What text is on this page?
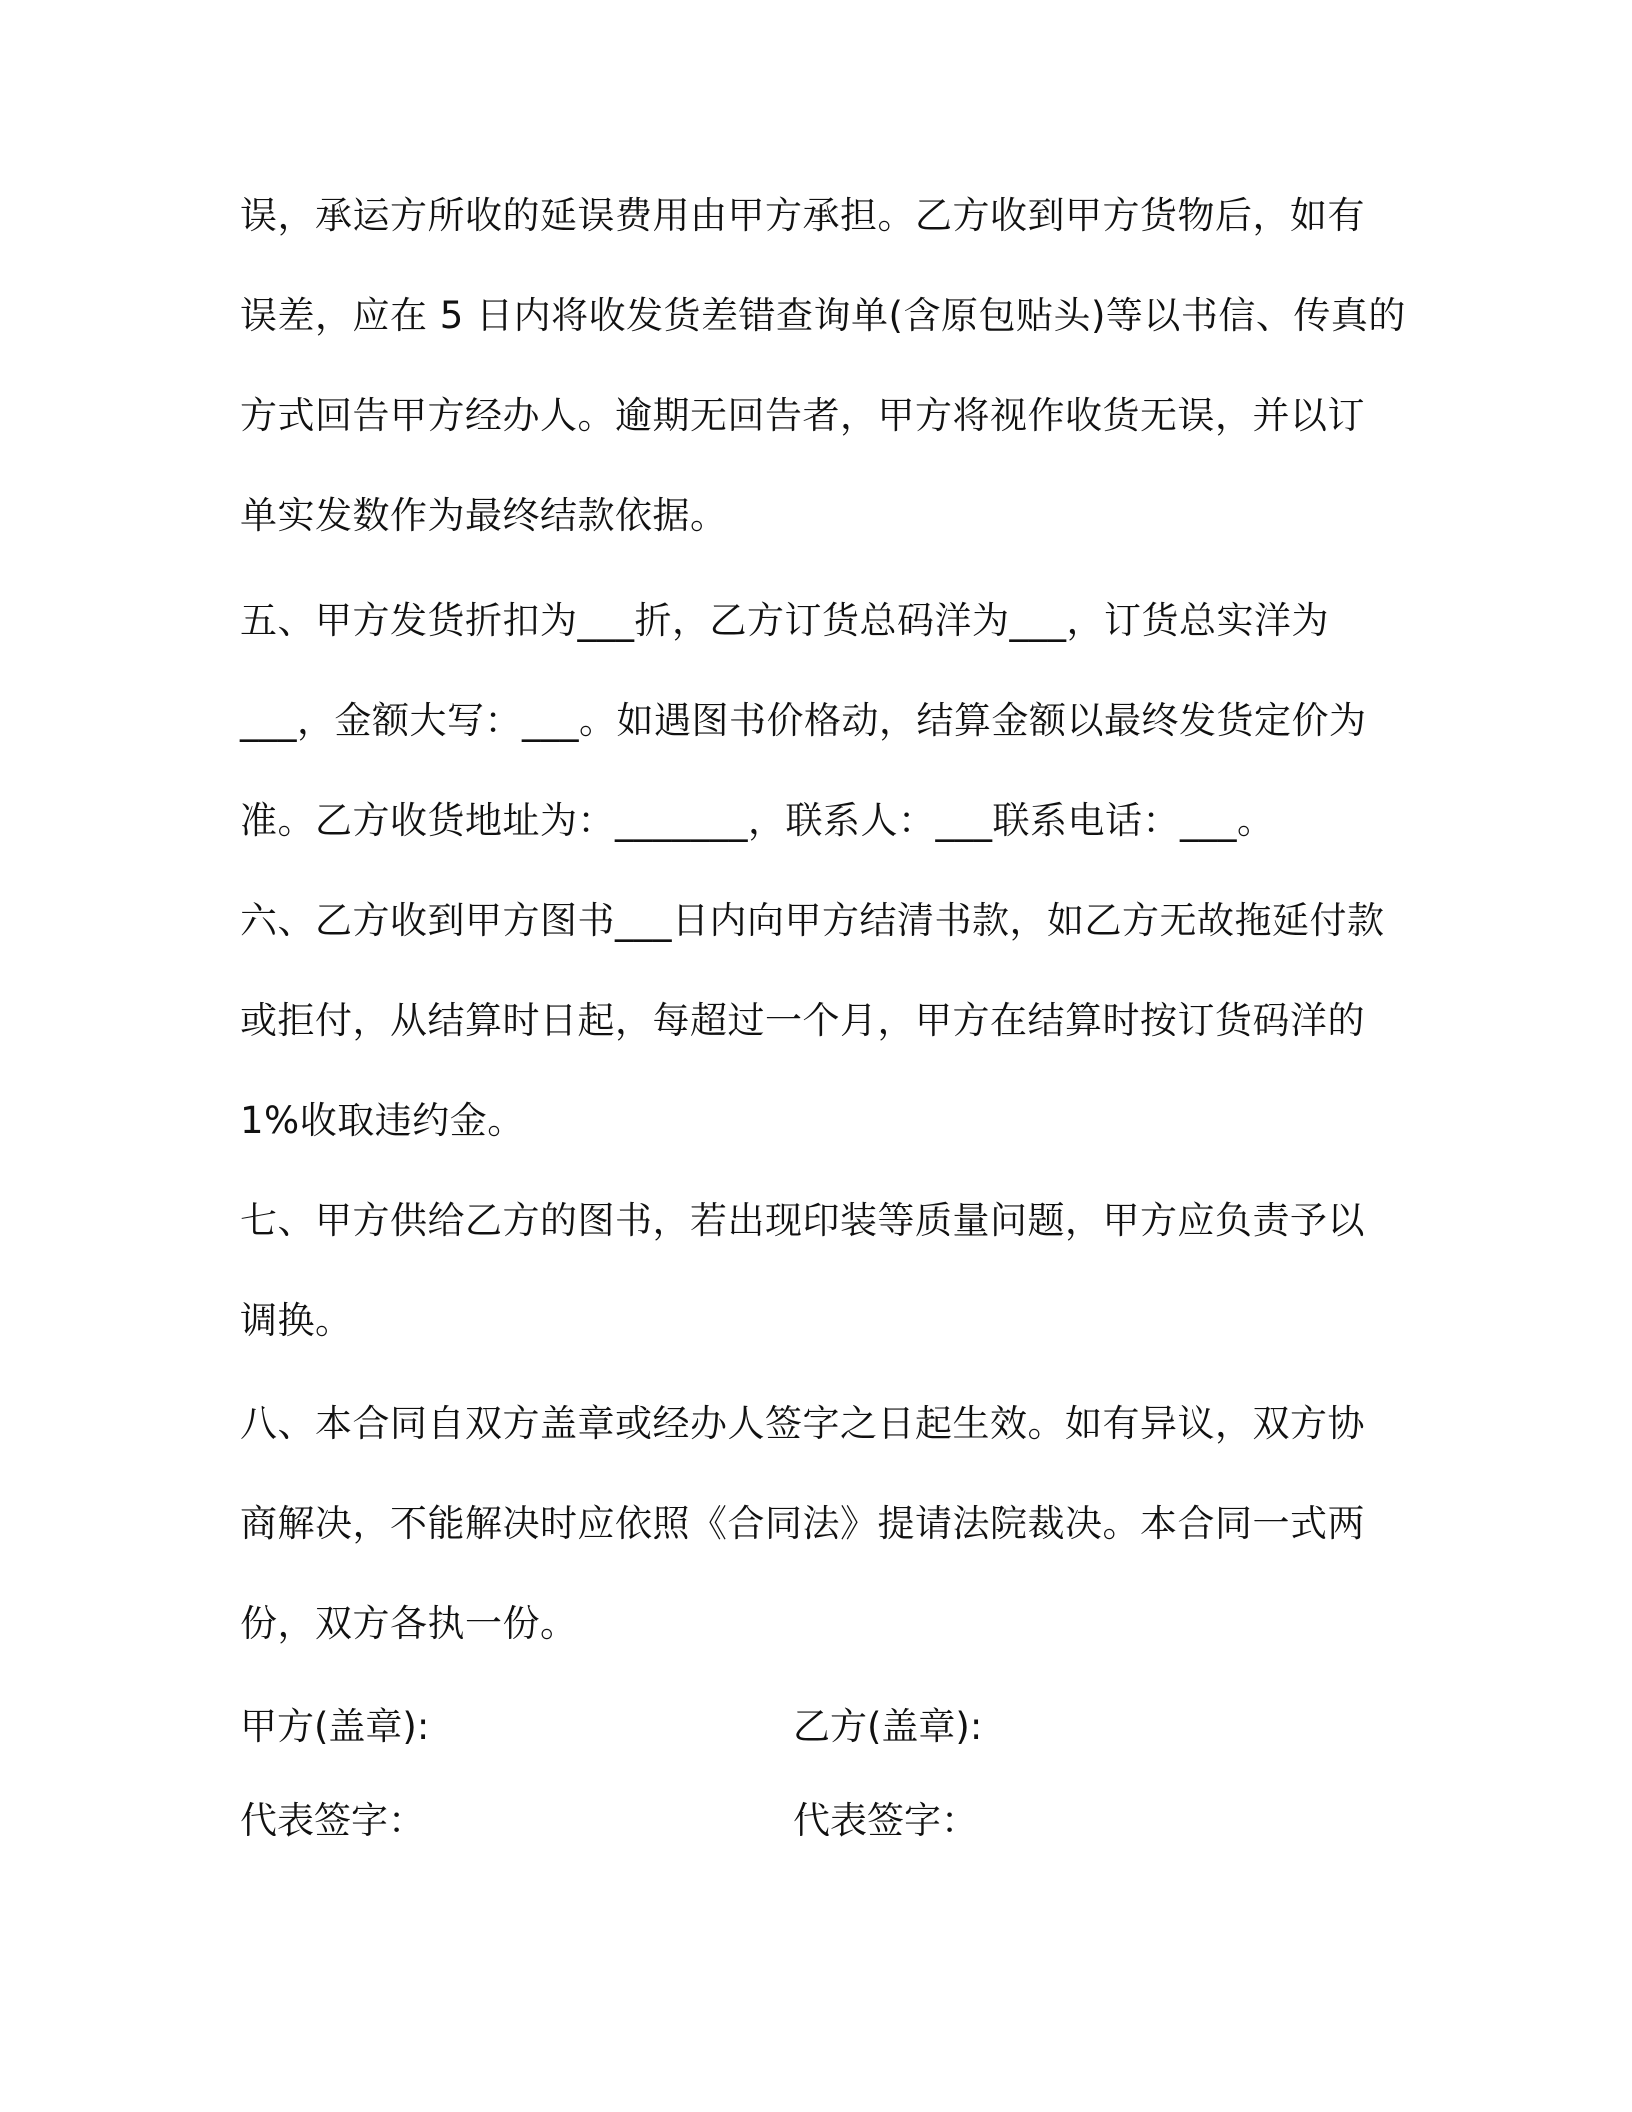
误，承运方所收的延误费用由甲方承担。乙方收到甲方货物后，如有
误差，应在 5 日内将收发货差错查询单(含原包贴头)等以书信、传真的
方式回告甲方经办人。逾期无回告者，甲方将视作收货无误，并以订
单实发数作为最终结款依据。
五、甲方发货折扣为___折，乙方订货总码洋为___，订货总实洋为
___，金额大写：___。如遇图书价格动，结算金额以最终发货定价为
准。乙方收货地址为：_______，联系人：___联系电话：___。
六、乙方收到甲方图书___日内向甲方结清书款，如乙方无故拖延付款
或拒付，从结算时日起，每超过一个月，甲方在结算时按订货码洋的
1%收取违约金。
七、甲方供给乙方的图书，若出现印装等质量问题，甲方应负责予以
调换。
八、本合同自双方盖章或经办人签字之日起生效。如有异议，双方协
商解决，不能解决时应依照《合同法》提请法院裁决。本合同一式两
份，双方各执一份。
甲方(盖章):	乙方(盖章):
代表签字：	代表签字：
